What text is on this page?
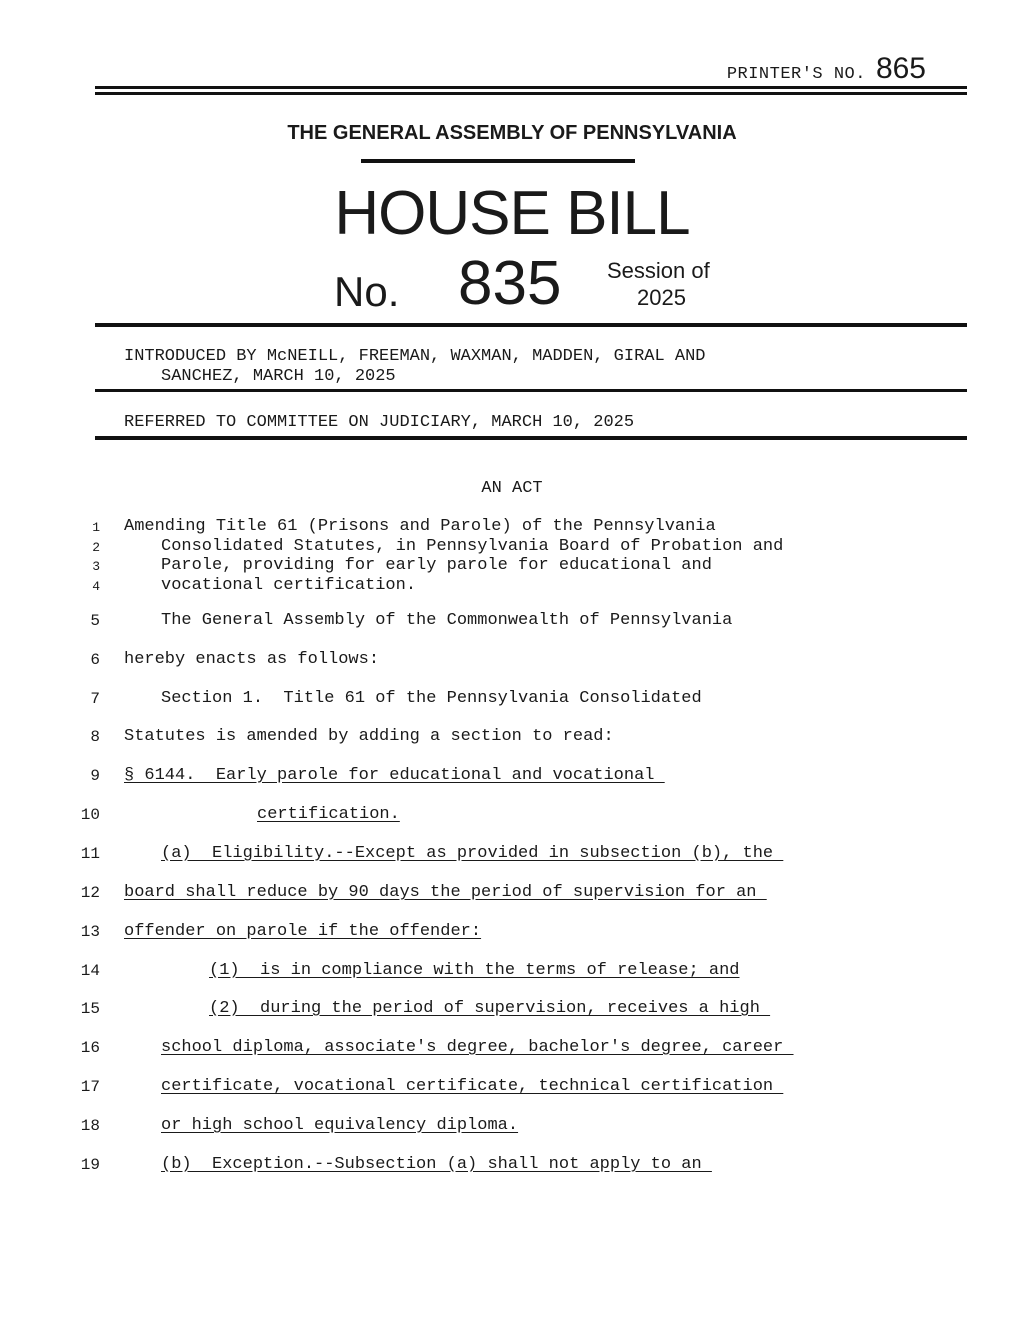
PRINTER'S NO. 865
THE GENERAL ASSEMBLY OF PENNSYLVANIA
HOUSE BILL
No. 835 Session of
2025
INTRODUCED BY McNEILL, FREEMAN, WAXMAN, MADDEN, GIRAL AND
SANCHEZ, MARCH 10, 2025
REFERRED TO COMMITTEE ON JUDICIARY, MARCH 10, 2025
AN ACT
1 Amending Title 61 (Prisons and Parole) of the Pennsylvania
2	Consolidated Statutes, in Pennsylvania Board of Probation and
3	Parole, providing for early parole for educational and
4	vocational certification.
5	The General Assembly of the Commonwealth of Pennsylvania
6 hereby enacts as follows:
7	Section 1.  Title 61 of the Pennsylvania Consolidated
8 Statutes is amended by adding a section to read:
9 § 6144.  Early parole for educational and vocational
10	certification.
11	(a)  Eligibility.--Except as provided in subsection (b), the
12 board shall reduce by 90 days the period of supervision for an
13 offender on parole if the offender:
14	(1)  is in compliance with the terms of release; and
15	(2)  during the period of supervision, receives a high
16	school diploma, associate's degree, bachelor's degree, career
17	certificate, vocational certificate, technical certification
18	or high school equivalency diploma.
19	(b)  Exception.--Subsection (a) shall not apply to an
